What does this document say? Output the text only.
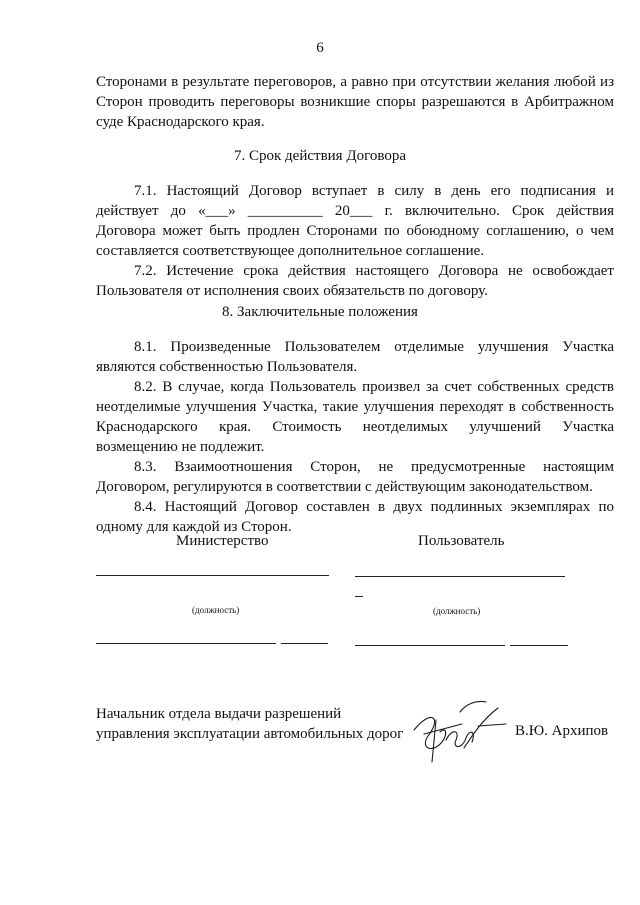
6
Сторонами в результате переговоров, а равно при отсутствии желания любой из
Сторон проводить переговоры возникшие споры разрешаются в Арбитражном
суде Краснодарского края.
7. Срок действия Договора
7.1. Настоящий Договор вступает в силу в день его подписания и
действует до «___» __________ 20___ г. включительно. Срок действия
Договора может быть продлен Сторонами по обоюдному соглашению, о чем
составляется соответствующее дополнительное соглашение.
7.2. Истечение срока действия настоящего Договора не освобождает
Пользователя от исполнения своих обязательств по договору.
8. Заключительные положения
8.1. Произведенные Пользователем отделимые улучшения Участка
являются собственностью Пользователя.
8.2. В случае, когда Пользователь произвел за счет собственных средств
неотделимые улучшения Участка, такие улучшения переходят в собственность
Краснодарского края. Стоимость неотделимых улучшений Участка
возмещению не подлежит.
8.3. Взаимоотношения Сторон, не предусмотренные настоящим
Договором, регулируются в соответствии с действующим законодательством.
8.4. Настоящий Договор составлен в двух подлинных экземплярах по
одному для каждой из Сторон.
Министерство	Пользователь
(должность)	(должность)
Начальник отдела выдачи разрешений
управления эксплуатации автомобильных дорог	В.Ю. Архипов
